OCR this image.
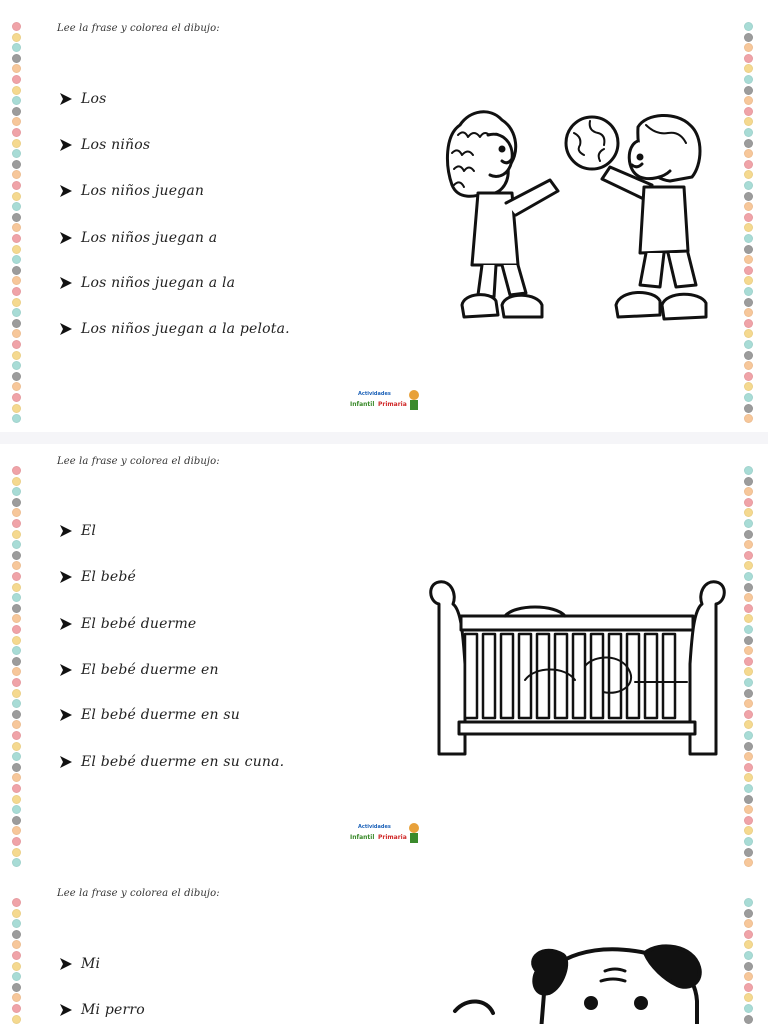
Lee la frase y colorea el dibujo:
Los
Los niños
Los niños juegan
Los niños juegan a
Los niños juegan a la
Los niños juegan a la pelota.
Actividades
Infantil Primaria
Lee la frase y colorea el dibujo:
El
El bebé
El bebé duerme
El bebé duerme en
El bebé duerme en su
El bebé duerme en su cuna.
Actividades
Infantil Primaria
Lee la frase y colorea el dibujo:
Mi
Mi perro
